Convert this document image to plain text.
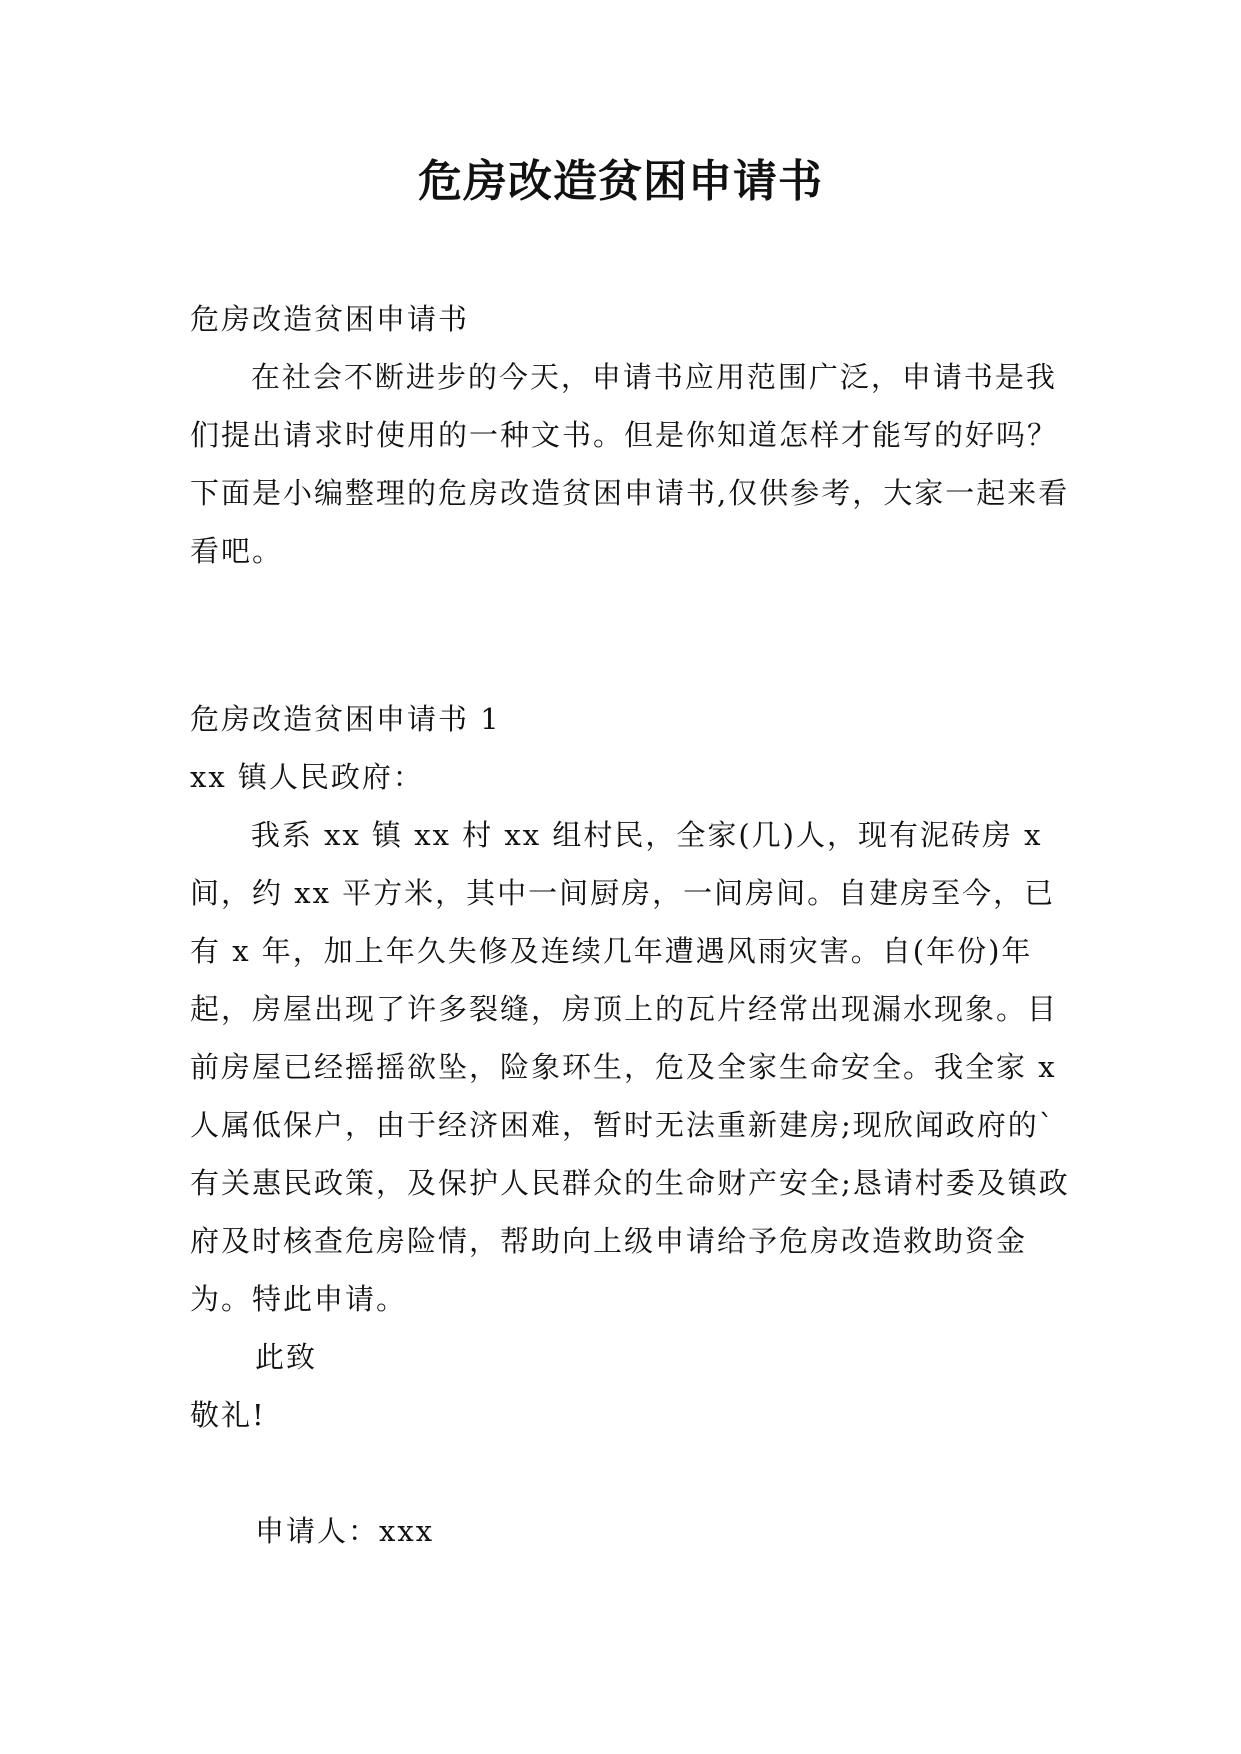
危房改造贫困申请书

危房改造贫困申请书

在社会不断进步的今天，申请书应用范围广泛，申请书是我们提出请求时使用的一种文书。但是你知道怎样才能写的好吗？下面是小编整理的危房改造贫困申请书,仅供参考，大家一起来看看吧。

危房改造贫困申请书 1

xx 镇人民政府：

我系 xx 镇 xx 村 xx 组村民，全家(几)人，现有泥砖房 x 间，约 xx 平方米，其中一间厨房，一间房间。自建房至今，已有 x 年，加上年久失修及连续几年遭遇风雨灾害。自(年份)年起，房屋出现了许多裂缝，房顶上的瓦片经常出现漏水现象。目前房屋已经摇摇欲坠，险象环生，危及全家生命安全。我全家 x 人属低保户，由于经济困难，暂时无法重新建房;现欣闻政府的`有关惠民政策，及保护人民群众的生命财产安全;恳请村委及镇政府及时核查危房险情，帮助向上级申请给予危房改造救助资金为。特此申请。

此致

敬礼!

申请人：xxx
